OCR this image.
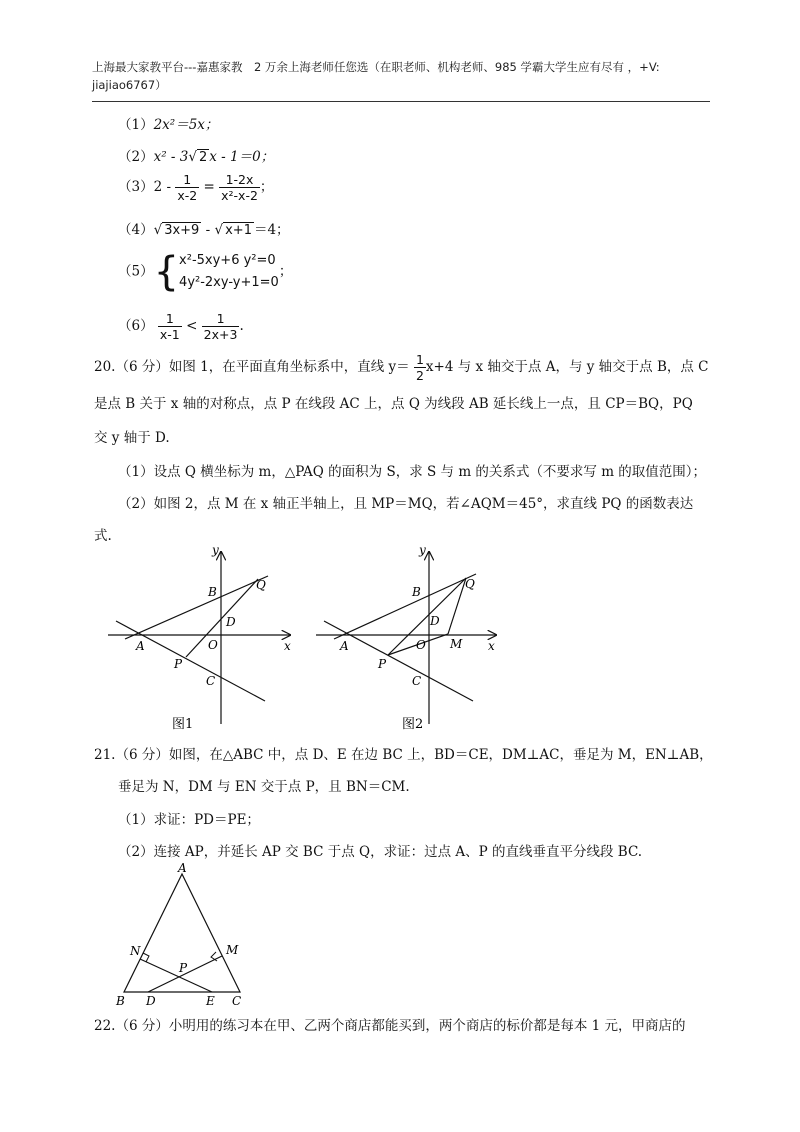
上海最大家教平台---嘉惠家教　2 万余上海老师任您选（在职老师、机构老师、985 学霸大学生应有尽有 ，+V: jiajiao6767）
（1）2x²＝5x；
（2）x² - 3√ 2 x - 1＝0；
$(3)2 - \frac{1}{x-2} = \frac{1-2x}{\text{x²-x-2}}$ ；
（4）√ 3x+9 - √ x+1 ＝4；
（5）{ x²-5xy+6 y²=0
4y²-2xy-y+1=0
；
$(6) \frac{1}{x-1} < \frac{1}{2x+3}$ .
20.（6 分）如图 1，在平面直角坐标系中，直线 $y= \frac{1}{2} x+4$ 与 x 轴交于点 A，与 y 轴交于点 B，点 C
是点 B 关于 x 轴的对称点，点 P 在线段 AC 上，点 Q 为线段 AB 延长线上一点，且 CP＝BQ，PQ
交 y 轴于 D.
（1）设点 Q 横坐标为 m，△PAQ 的面积为 S，求 S 与 m 的关系式（不要求写 m 的取值范围）；
（2）如图 2，点 M 在 x 轴正半轴上，且 MP＝MQ，若∠AQM＝45°，求直线 PQ 的函数表达
式.
y
x
A
B
D
O
P
C
Q
图1
y
x
A
B
D
O M
P
C
Q
图2
21.（6 分）如图，在△ABC 中，点 D、E 在边 BC 上，BD＝CE，DM⊥AC，垂足为 M，EN⊥AB，
垂足为 N，DM 与 EN 交于点 P，且 BN＝CM.
（1）求证：PD＝PE；
（2）连接 AP，并延长 AP 交 BC 于点 Q，求证：过点 A、P 的直线垂直平分线段 BC.
A
N	M
P
B D	E C
22.（6 分）小明用的练习本在甲、乙两个商店都能买到，两个商店的标价都是每本 1 元，甲商店的
